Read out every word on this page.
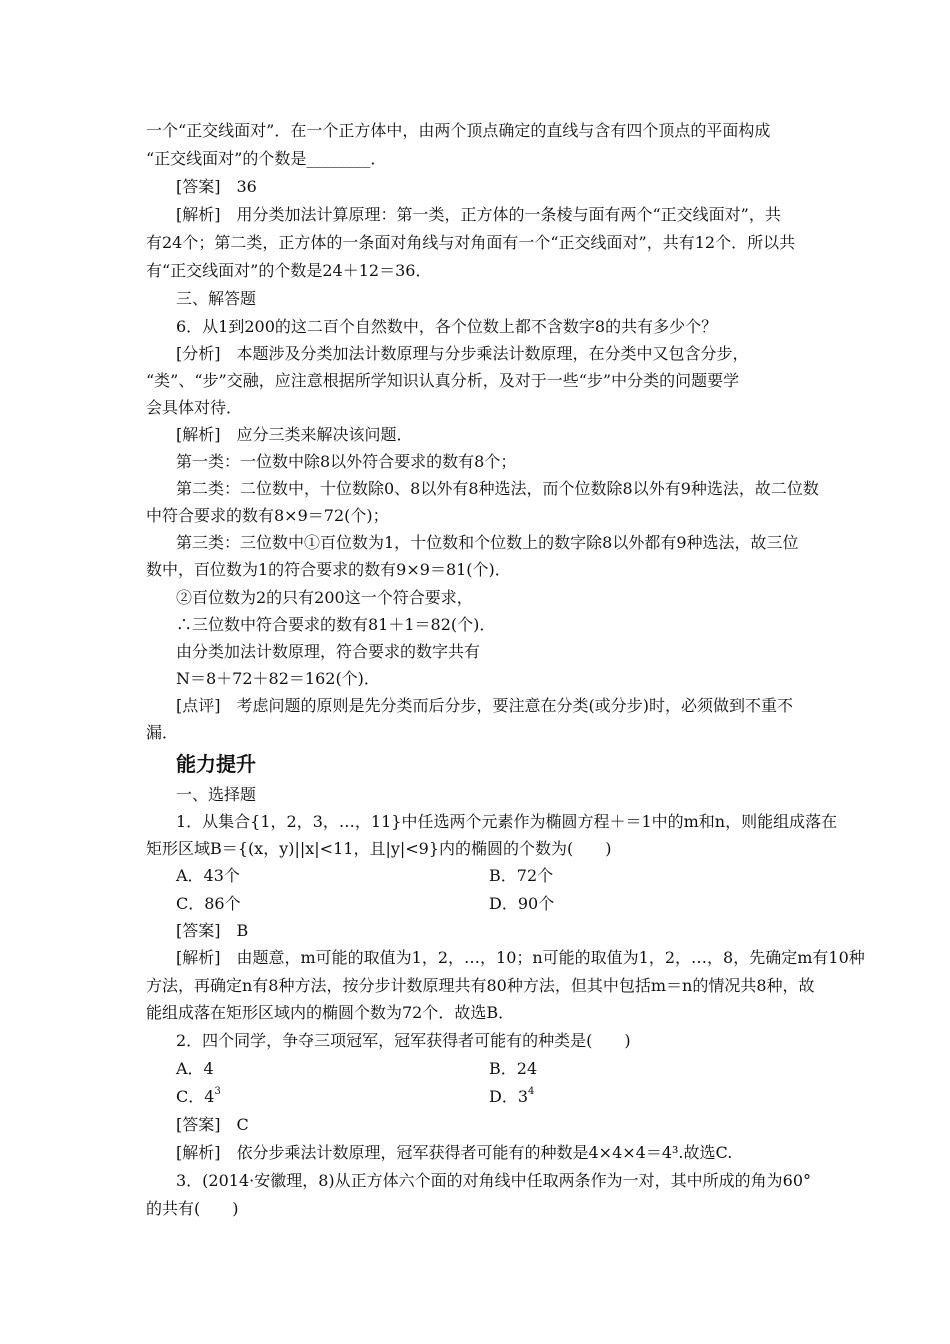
一个“正交线面对”．在一个正方体中，由两个顶点确定的直线与含有四个顶点的平面构成
“正交线面对”的个数是________．
[答案]　36
[解析]　用分类加法计算原理：第一类，正方体的一条棱与面有两个“正交线面对”，共
有24个；第二类，正方体的一条面对角线与对角面有一个“正交线面对”，共有12个．所以共
有“正交线面对”的个数是24＋12＝36．
三、解答题
6．从1到200的这二百个自然数中，各个位数上都不含数字8的共有多少个？
[分析]　本题涉及分类加法计数原理与分步乘法计数原理，在分类中又包含分步，
“类”、“步”交融，应注意根据所学知识认真分析，及对于一些“步”中分类的问题要学
会具体对待．
[解析]　应分三类来解决该问题．
第一类：一位数中除8以外符合要求的数有8个；
第二类：二位数中，十位数除0、8以外有8种选法，而个位数除8以外有9种选法，故二位数
中符合要求的数有8×9＝72(个)；
第三类：三位数中①百位数为1，十位数和个位数上的数字除8以外都有9种选法，故三位
数中，百位数为1的符合要求的数有9×9＝81(个)．
②百位数为2的只有200这一个符合要求，
∴三位数中符合要求的数有81＋1＝82(个)．
由分类加法计数原理，符合要求的数字共有
N＝8＋72＋82＝162(个)．
[点评]　考虑问题的原则是先分类而后分步，要注意在分类(或分步)时，必须做到不重不
漏．
能力提升
一、选择题
1．从集合{1，2，3，…，11}中任选两个元素作为椭圆方程＋＝1中的m和n，则能组成落在
矩形区域B＝{(x，y)||x|<11，且|y|<9}内的椭圆的个数为(　　)
A．43个	B．72个
C．86个	D．90个
[答案]　B
[解析]　由题意，m可能的取值为1，2，…，10；n可能的取值为1，2，…，8，先确定m有10种
方法，再确定n有8种方法，按分步计数原理共有80种方法，但其中包括m＝n的情况共8种，故
能组成落在矩形区域内的椭圆个数为72个．故选B．
2．四个同学，争夺三项冠军，冠军获得者可能有的种类是(　　)
A．4	B．24
C．$4^3$	D．$3^4$
[答案]　C
[解析]　依分步乘法计数原理，冠军获得者可能有的种数是4×4×4＝4³.故选C.
3．(2014·安徽理，8)从正方体六个面的对角线中任取两条作为一对，其中所成的角为60°
的共有(　　)
